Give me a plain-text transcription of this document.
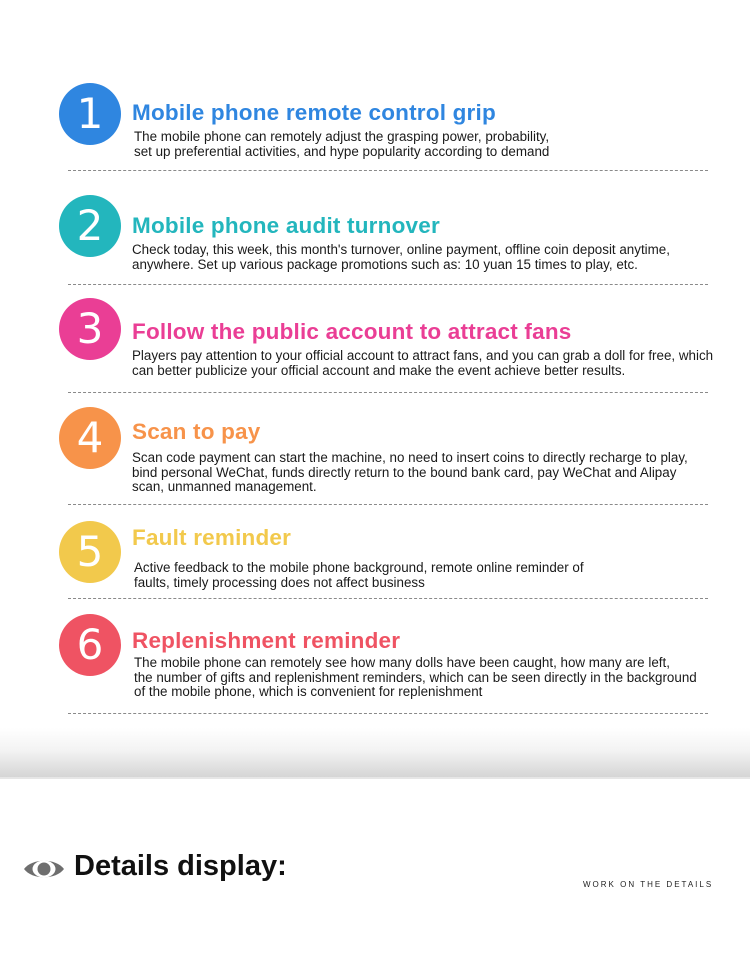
1	Mobile phone remote control grip
The mobile phone can remotely adjust the grasping power, probability,
set up preferential activities, and hype popularity according to demand
2	Mobile phone audit turnover
Check today, this week, this month's turnover, online payment, offline coin deposit anytime,
anywhere. Set up various package promotions such as: 10 yuan 15 times to play, etc.
3	Follow the public account to attract fans
Players pay attention to your official account to attract fans, and you can grab a doll for free, which
can better publicize your official account and make the event achieve better results.
4	Scan to pay
Scan code payment can start the machine, no need to insert coins to directly recharge to play,
bind personal WeChat, funds directly return to the bound bank card, pay WeChat and Alipay
scan, unmanned management.
5	Fault reminder
Active feedback to the mobile phone background, remote online reminder of
faults, timely processing does not affect business
6	Replenishment reminder
The mobile phone can remotely see how many dolls have been caught, how many are left,
the number of gifts and replenishment reminders, which can be seen directly in the background
of the mobile phone, which is convenient for replenishment
Details display:
WORK ON THE DETAILS
